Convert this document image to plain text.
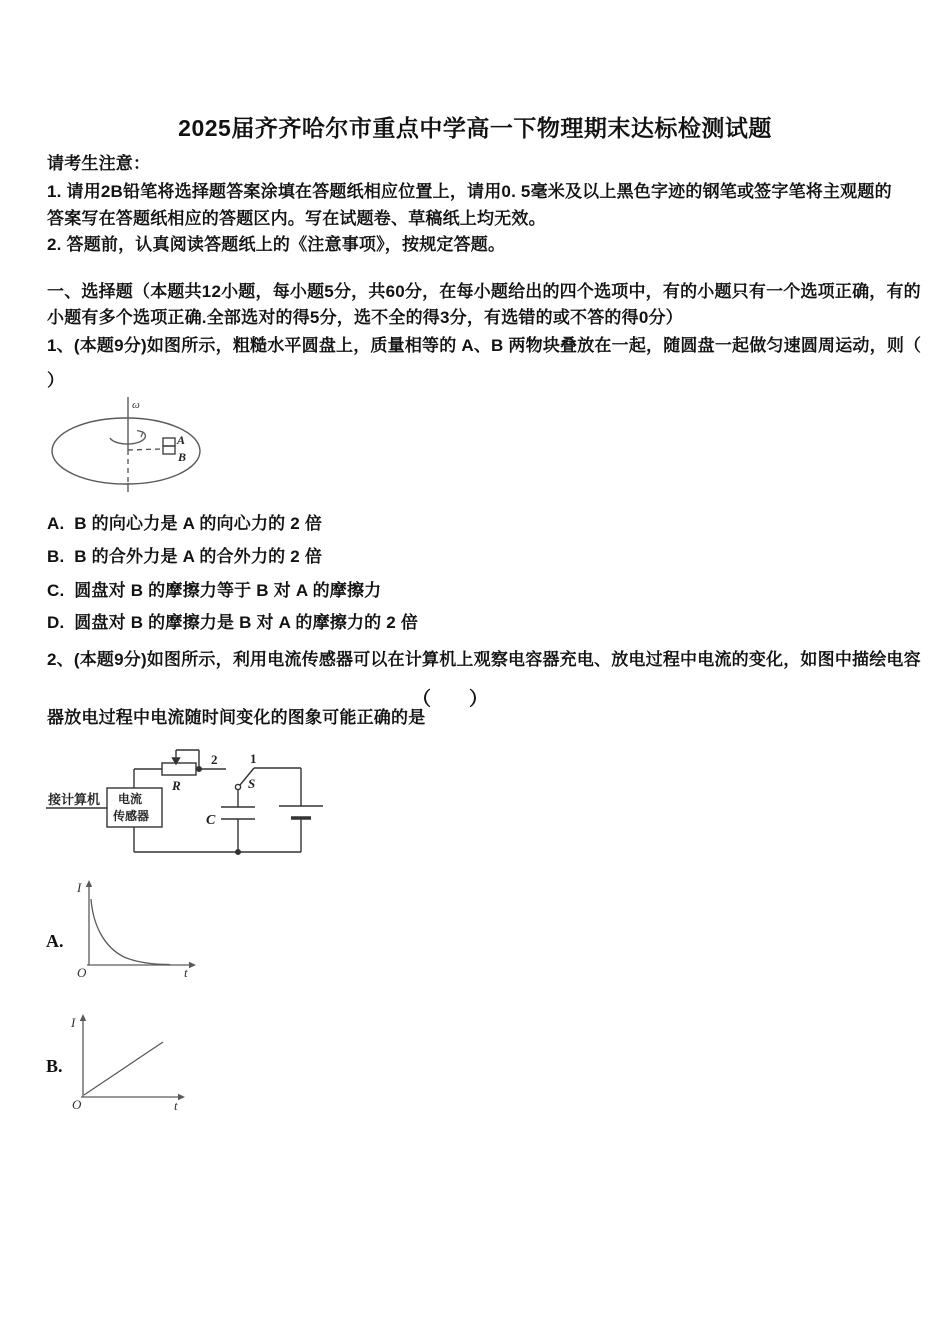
2025届齐齐哈尔市重点中学高一下物理期末达标检测试题
请考生注意：
1. 请用2B铅笔将选择题答案涂填在答题纸相应位置上，请用0. 5毫米及以上黑色字迹的钢笔或签字笔将主观题的
答案写在答题纸相应的答题区内。写在试题卷、草稿纸上均无效。
2. 答题前，认真阅读答题纸上的《注意事项》，按规定答题。
一、选择题（本题共12小题，每小题5分，共60分，在每小题给出的四个选项中，有的小题只有一个选项正确，有的
小题有多个选项正确.全部选对的得5分，选不全的得3分，有选错的或不答的得0分）
1、(本题9分)如图所示，粗糙水平圆盘上，质量相等的 A、B 两物块叠放在一起，随圆盘一起做匀速圆周运动，则（
）
ω
A
B
A.  B 的向心力是 A 的向心力的 2 倍
B.  B 的合外力是 A 的合外力的 2 倍
C.  圆盘对 B 的摩擦力等于 B 对 A 的摩擦力
D.  圆盘对 B 的摩擦力是 B 对 A 的摩擦力的 2 倍
2、(本题9分)如图所示，利用电流传感器可以在计算机上观察电容器充电、放电过程中电流的变化，如图中描绘电容
（　　）
器放电过程中电流随时间变化的图象可能正确的是
接计算机 电流
传感器
R
2	1
S
C
A.
I
O	t
B.
I
O	t
